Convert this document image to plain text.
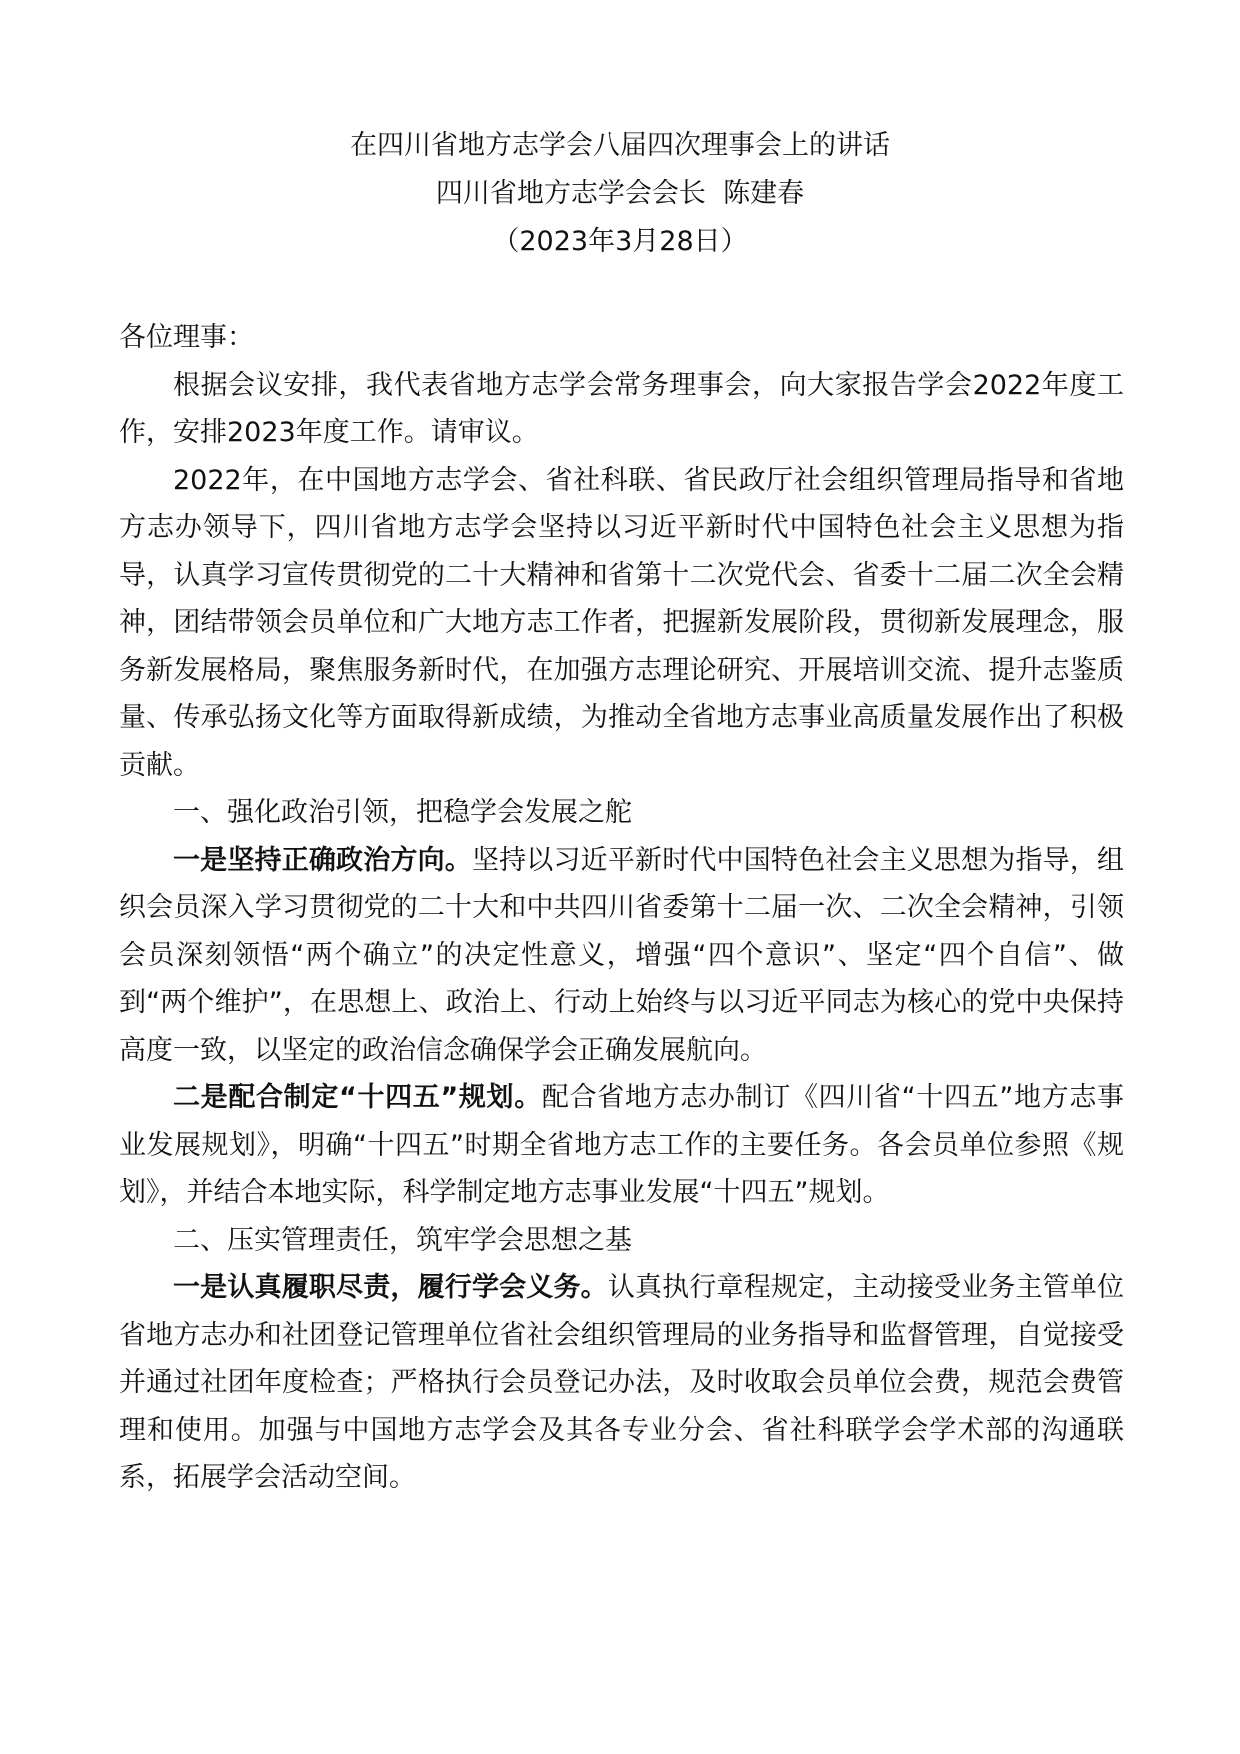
在四川省地方志学会八届四次理事会上的讲话
四川省地方志学会会长  陈建春
（2023年3月28日）

各位理事：

根据会议安排，我代表省地方志学会常务理事会，向大家报告学会2022年度工作，安排2023年度工作。请审议。

2022年，在中国地方志学会、省社科联、省民政厅社会组织管理局指导和省地方志办领导下，四川省地方志学会坚持以习近平新时代中国特色社会主义思想为指导，认真学习宣传贯彻党的二十大精神和省第十二次党代会、省委十二届二次全会精神，团结带领会员单位和广大地方志工作者，把握新发展阶段，贯彻新发展理念，服务新发展格局，聚焦服务新时代，在加强方志理论研究、开展培训交流、提升志鉴质量、传承弘扬文化等方面取得新成绩，为推动全省地方志事业高质量发展作出了积极贡献。

一、强化政治引领，把稳学会发展之舵

一是坚持正确政治方向。坚持以习近平新时代中国特色社会主义思想为指导，组织会员深入学习贯彻党的二十大和中共四川省委第十二届一次、二次全会精神，引领会员深刻领悟“两个确立”的决定性意义，增强“四个意识”、坚定“四个自信”、做到“两个维护”，在思想上、政治上、行动上始终与以习近平同志为核心的党中央保持高度一致，以坚定的政治信念确保学会正确发展航向。

二是配合制定“十四五”规划。配合省地方志办制订《四川省“十四五”地方志事业发展规划》，明确“十四五”时期全省地方志工作的主要任务。各会员单位参照《规划》，并结合本地实际，科学制定地方志事业发展“十四五”规划。

二、压实管理责任，筑牢学会思想之基

一是认真履职尽责，履行学会义务。认真执行章程规定，主动接受业务主管单位省地方志办和社团登记管理单位省社会组织管理局的业务指导和监督管理，自觉接受并通过社团年度检查；严格执行会员登记办法，及时收取会员单位会费，规范会费管理和使用。加强与中国地方志学会及其各专业分会、省社科联学会学术部的沟通联系，拓展学会活动空间。
